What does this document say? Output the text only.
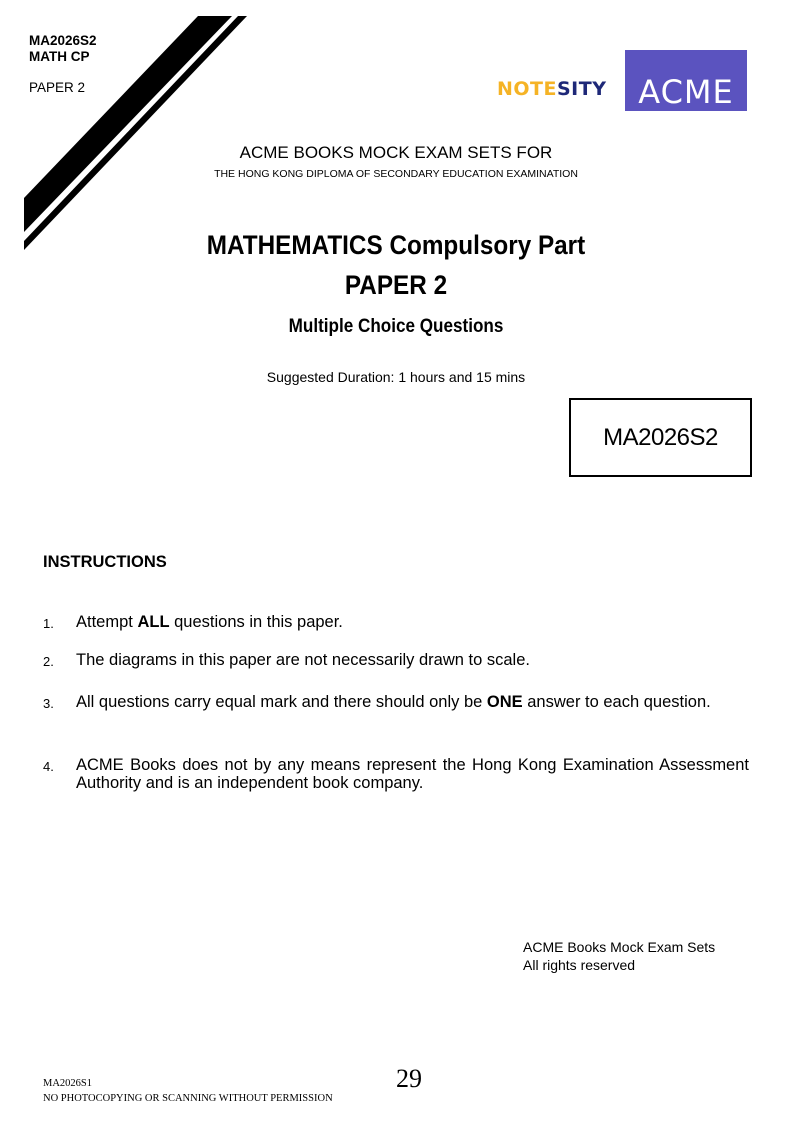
MA2026S2
MATH CP
PAPER 2	NOTESITY ACME
ACME BOOKS MOCK EXAM SETS FOR
THE HONG KONG DIPLOMA OF SECONDARY EDUCATION EXAMINATION
MATHEMATICS Compulsory Part
PAPER 2
Multiple Choice Questions
Suggested Duration: 1 hours and 15 mins
MA2026S2
INSTRUCTIONS
1. Attempt ALL questions in this paper.
2. The diagrams in this paper are not necessarily drawn to scale.
3. All questions carry equal mark and there should only be ONE answer to each question.
4. ACME Books does not by any means represent the Hong Kong Examination Assessment Authority and is an independent book company.
ACME Books Mock Exam Sets
All rights reserved
MA2026S1	29
NO PHOTOCOPYING OR SCANNING WITHOUT PERMISSION
